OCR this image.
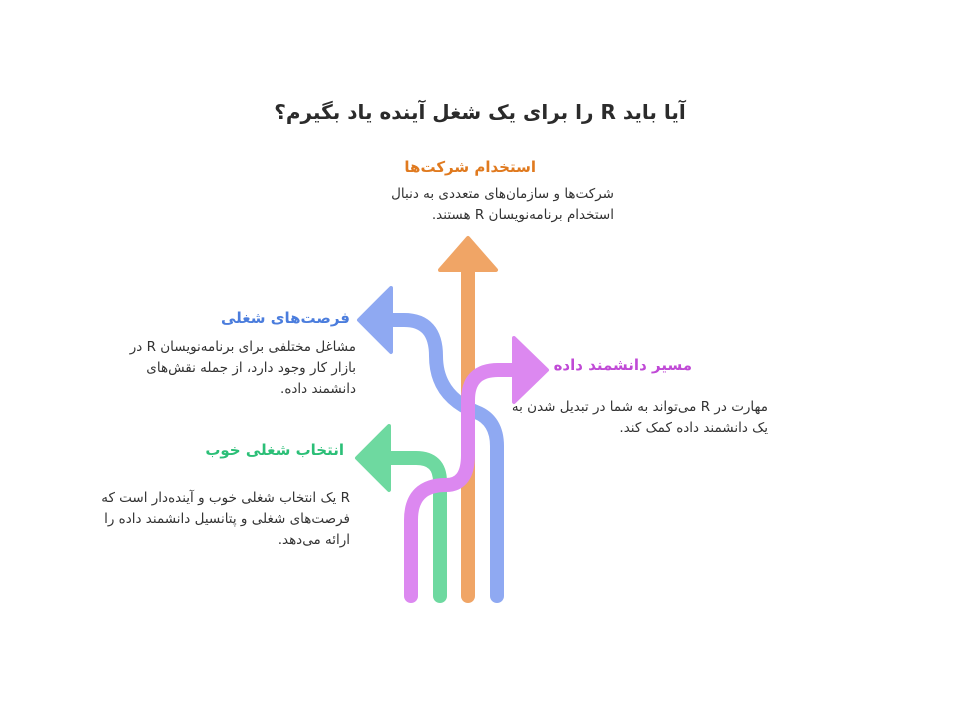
آیا باید R را برای یک شغل آینده یاد بگیرم؟
استخدام شرکت‌ها
شرکت‌ها و سازمان‌های متعددی به دنبال استخدام برنامه‌نویسان R هستند.
فرصت‌های شغلی
مشاغل مختلفی برای برنامه‌نویسان R در بازار کار وجود دارد، از جمله نقش‌های دانشمند داده.
مسیر دانشمند داده
مهارت در R می‌تواند به شما در تبدیل شدن به یک دانشمند داده کمک کند.
انتخاب شغلی خوب
R یک انتخاب شغلی خوب و آینده‌دار است که فرصت‌های شغلی و پتانسیل دانشمند داده را ارائه می‌دهد.
